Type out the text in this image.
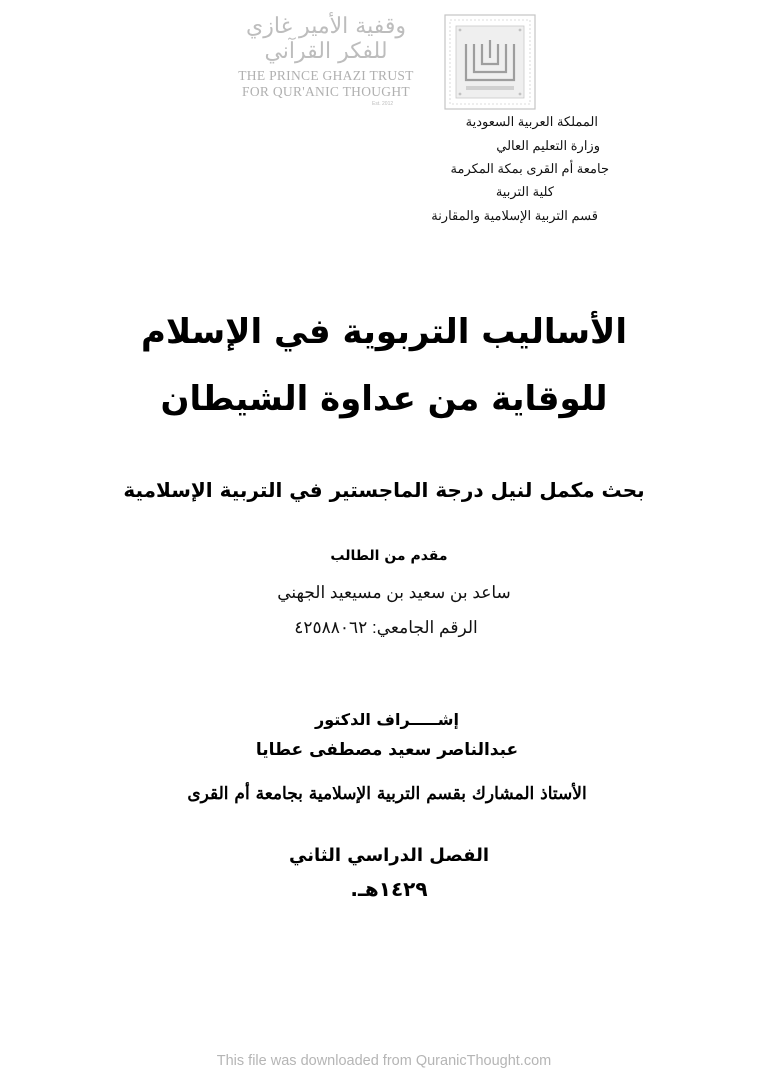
وقفية الأمير غازي للفكر القرآني
THE PRINCE GHAZI TRUST
FOR QUR'ANIC THOUGHT
Est. 2012
المملكة العربية السعودية
وزارة التعليم العالي
جامعة أم القرى بمكة المكرمة
كلية التربية
قسم التربية الإسلامية والمقارنة
الأساليب التربوية في الإسلام
للوقاية من عداوة الشيطان
بحث مكمل لنيل درجة الماجستير في التربية الإسلامية
مقدم من الطالب
ساعد بن سعيد بن مسيعيد الجهني
الرقم الجامعي: ٤٢٥٨٨٠٦٢
إشـــــراف الدكتور
عبدالناصر سعيد مصطفى عطايا
الأستاذ المشارك بقسم التربية الإسلامية بجامعة أم القرى
الفصل الدراسي الثاني
١٤٢٩هـ.
This file was downloaded from QuranicThought.com
